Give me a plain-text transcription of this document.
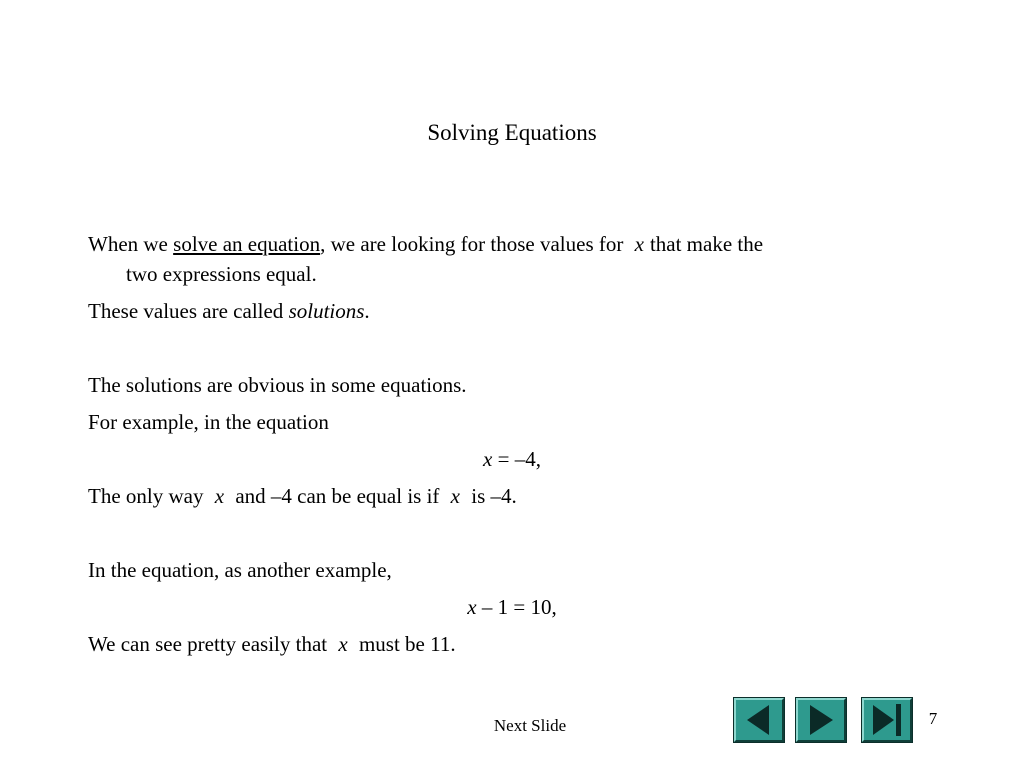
Solving Equations
When we solve an equation, we are looking for those values for x that make the
two expressions equal.
These values are called solutions.
The solutions are obvious in some equations.
For example, in the equation
x = –4,
The only way x and –4 can be equal is if x is –4.
In the equation, as another example,
x – 1 = 10,
We can see pretty easily that x must be 11.
Next Slide	7
